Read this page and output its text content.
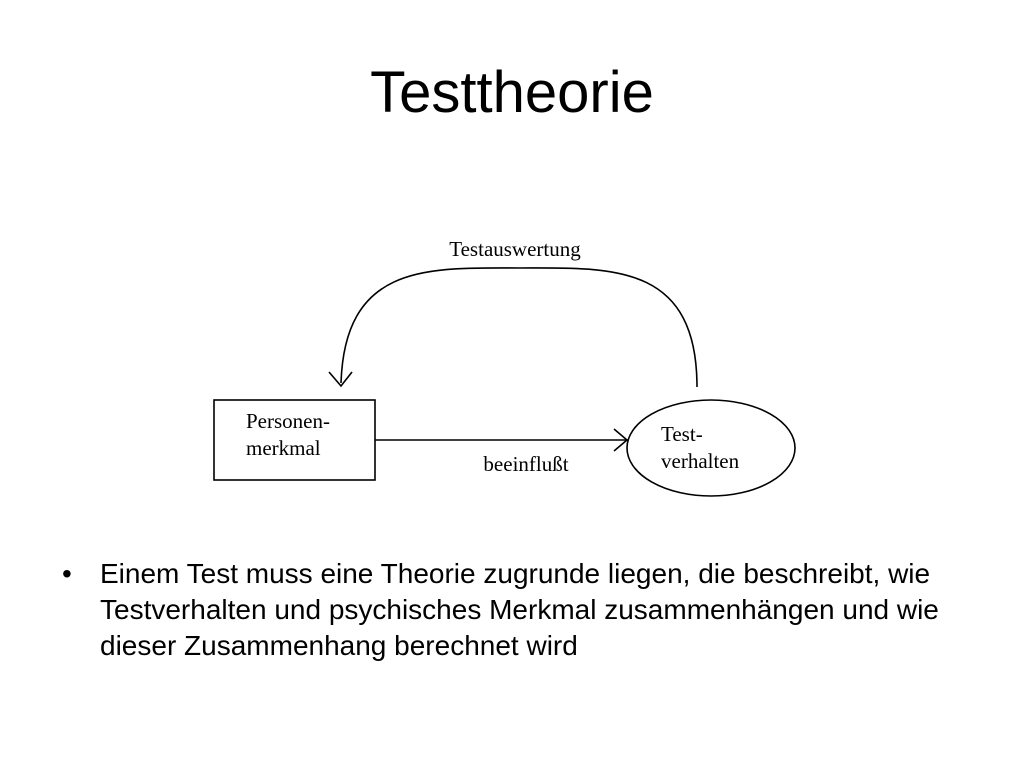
Testtheorie
Testauswertung
Personen-
merkmal
beeinflußt
Test-
verhalten
• Einem Test muss eine Theorie zugrunde liegen, die beschreibt, wie Testverhalten und psychisches Merkmal zusammenhängen und wie dieser Zusammenhang berechnet wird
